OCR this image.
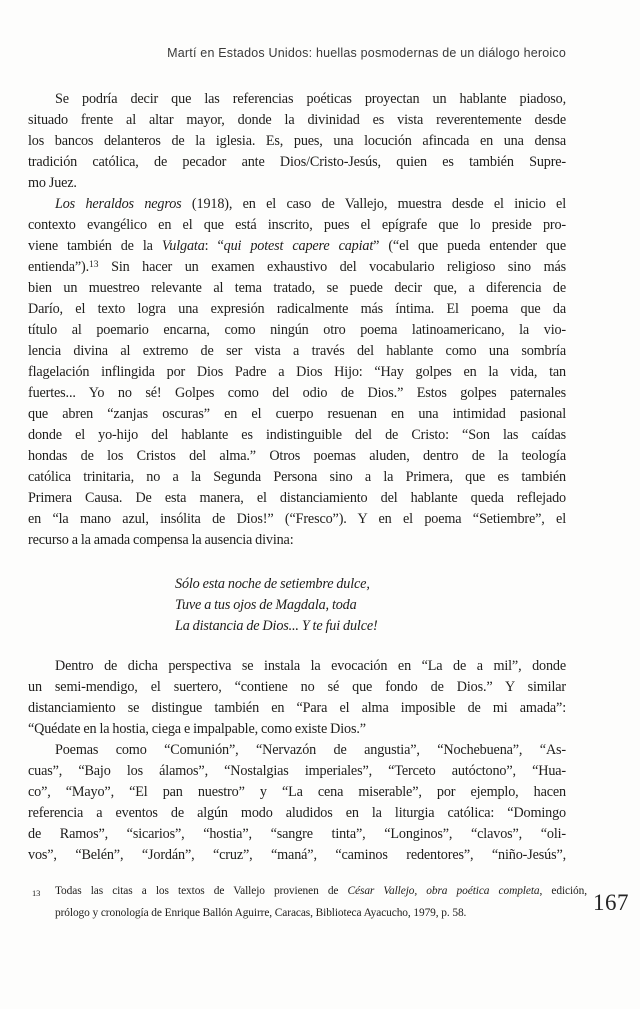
Martí en Estados Unidos: huellas posmodernas de un diálogo heroico
Se podría decir que las referencias poéticas proyectan un hablante piadoso,
situado frente al altar mayor, donde la divinidad es vista reverentemente desde
los bancos delanteros de la iglesia. Es, pues, una locución afincada en una densa
tradición católica, de pecador ante Dios/Cristo-Jesús, quien es también Supre-
mo Juez.
Los heraldos negros (1918), en el caso de Vallejo, muestra desde el inicio el
contexto evangélico en el que está inscrito, pues el epígrafe que lo preside pro-
viene también de la Vulgata: “qui potest capere capiat” (“el que pueda entender que
entienda”).$^{13}$ Sin hacer un examen exhaustivo del vocabulario religioso sino más
bien un muestreo relevante al tema tratado, se puede decir que, a diferencia de
Darío, el texto logra una expresión radicalmente más íntima. El poema que da
título al poemario encarna, como ningún otro poema latinoamericano, la vio-
lencia divina al extremo de ser vista a través del hablante como una sombría
flagelación inflingida por Dios Padre a Dios Hijo: “Hay golpes en la vida, tan
fuertes... Yo no sé! Golpes como del odio de Dios.” Estos golpes paternales
que abren “zanjas oscuras” en el cuerpo resuenan en una intimidad pasional
donde el yo-hijo del hablante es indistinguible del de Cristo: “Son las caídas
hondas de los Cristos del alma.” Otros poemas aluden, dentro de la teología
católica trinitaria, no a la Segunda Persona sino a la Primera, que es también
Primera Causa. De esta manera, el distanciamiento del hablante queda reflejado
en “la mano azul, insólita de Dios!” (“Fresco”). Y en el poema “Setiembre”, el
recurso a la amada compensa la ausencia divina:
Sólo esta noche de setiembre dulce,
Tuve a tus ojos de Magdala, toda
La distancia de Dios... Y te fui dulce!
Dentro de dicha perspectiva se instala la evocación en “La de a mil”, donde
un semi-mendigo, el suertero, “contiene no sé que fondo de Dios.” Y similar
distanciamiento se distingue también en “Para el alma imposible de mi amada”:
“Quédate en la hostia, ciega e impalpable, como existe Dios.”
Poemas como “Comunión”, “Nervazón de angustia”, “Nochebuena”, “As-
cuas”, “Bajo los álamos”, “Nostalgias imperiales”, “Terceto autóctono”, “Hua-
co”, “Mayo”, “El pan nuestro” y “La cena miserable”, por ejemplo, hacen
referencia a eventos de algún modo aludidos en la liturgia católica: “Domingo
de Ramos”, “sicarios”, “hostia”, “sangre tinta”, “Longinos”, “clavos”, “oli-
vos”, “Belén”, “Jordán”, “cruz”, “maná”, “caminos redentores”, “niño-Jesús”,
13 Todas las citas a los textos de Vallejo provienen de César Vallejo, obra poética completa, edición,
prólogo y cronología de Enrique Ballón Aguirre, Caracas, Biblioteca Ayacucho, 1979, p. 58.	167
